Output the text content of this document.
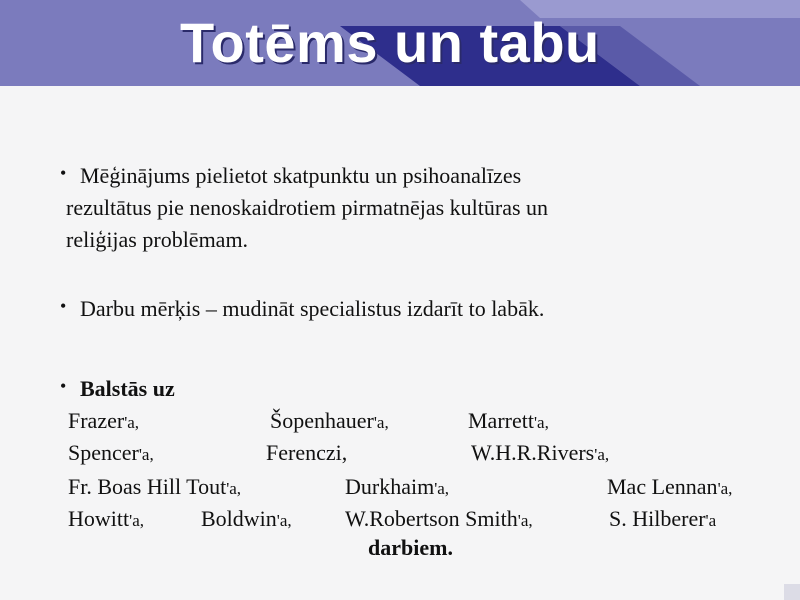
Totēms un tabu
• Mēģinājums pielietot skatpunktu un psihoanalīzes
rezultātus pie nenoskaidrotiem pirmatnējas kultūras un
reliģijas problēmam.
• Darbu mērķis – mudināt specialistus izdarīt to labāk.
• Balstās uz
Frazer'a,	Šopenhauer'a,	Marrett'a,
Spencer'a,	Ferenczi,	W.H.R.Rivers'a,
Fr. Boas Hill Tout'a,	Durkhaim'a,	Mac Lennan'a,
Howitt'a,	Boldwin'a, W.Robertson Smith'a,	S. Hilberer'a
darbiem.
